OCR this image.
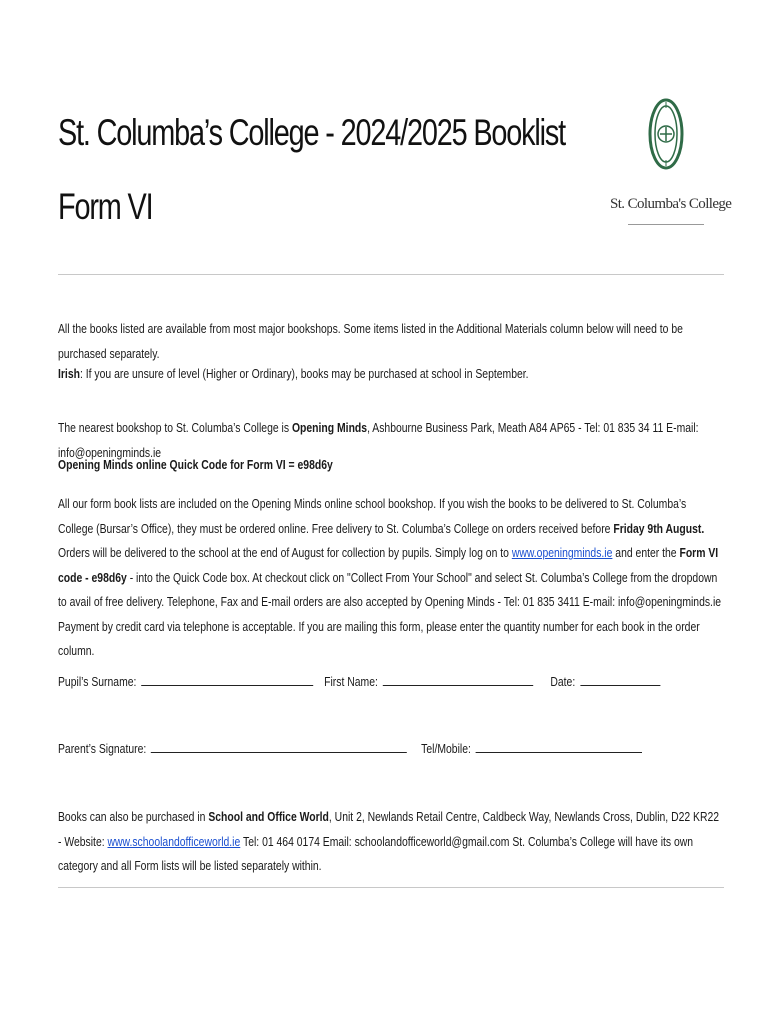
St. Columba’s College - 2024/2025 Booklist
Form VI	St. Columba's College

All the books listed are available from most major bookshops. Some items listed in the Additional Materials column below will need to be purchased separately.

Irish: If you are unsure of level (Higher or Ordinary), books may be purchased at school in September.

The nearest bookshop to St. Columba’s College is Opening Minds, Ashbourne Business Park, Meath A84 AP65 - Tel: 01 835 34 11 E-mail: info@openingminds.ie

Opening Minds online Quick Code for Form VI = e98d6y

All our form book lists are included on the Opening Minds online school bookshop. If you wish the books to be delivered to St. Columba’s College (Bursar’s Office), they must be ordered online. Free delivery to St. Columba’s College on orders received before Friday 9th August. Orders will be delivered to the school at the end of August for collection by pupils. Simply log on to www.openingminds.ie and enter the Form VI code - e98d6y - into the Quick Code box. At checkout click on "Collect From Your School" and select St. Columba’s College from the dropdown to avail of free delivery. Telephone, Fax and E-mail orders are also accepted by Opening Minds - Tel: 01 835 3411 E-mail: info@openingminds.ie Payment by credit card via telephone is acceptable. If you are mailing this form, please enter the quantity number for each book in the order column.

Pupil’s Surname:	First Name:	Date:
Parent’s Signature:	Tel/Mobile:

Books can also be purchased in School and Office World, Unit 2, Newlands Retail Centre, Caldbeck Way, Newlands Cross, Dublin, D22 KR22 - Website: www.schoolandofficeworld.ie Tel: 01 464 0174 Email: schoolandofficeworld@gmail.com St. Columba’s College will have its own category and all Form lists will be listed separately within.
